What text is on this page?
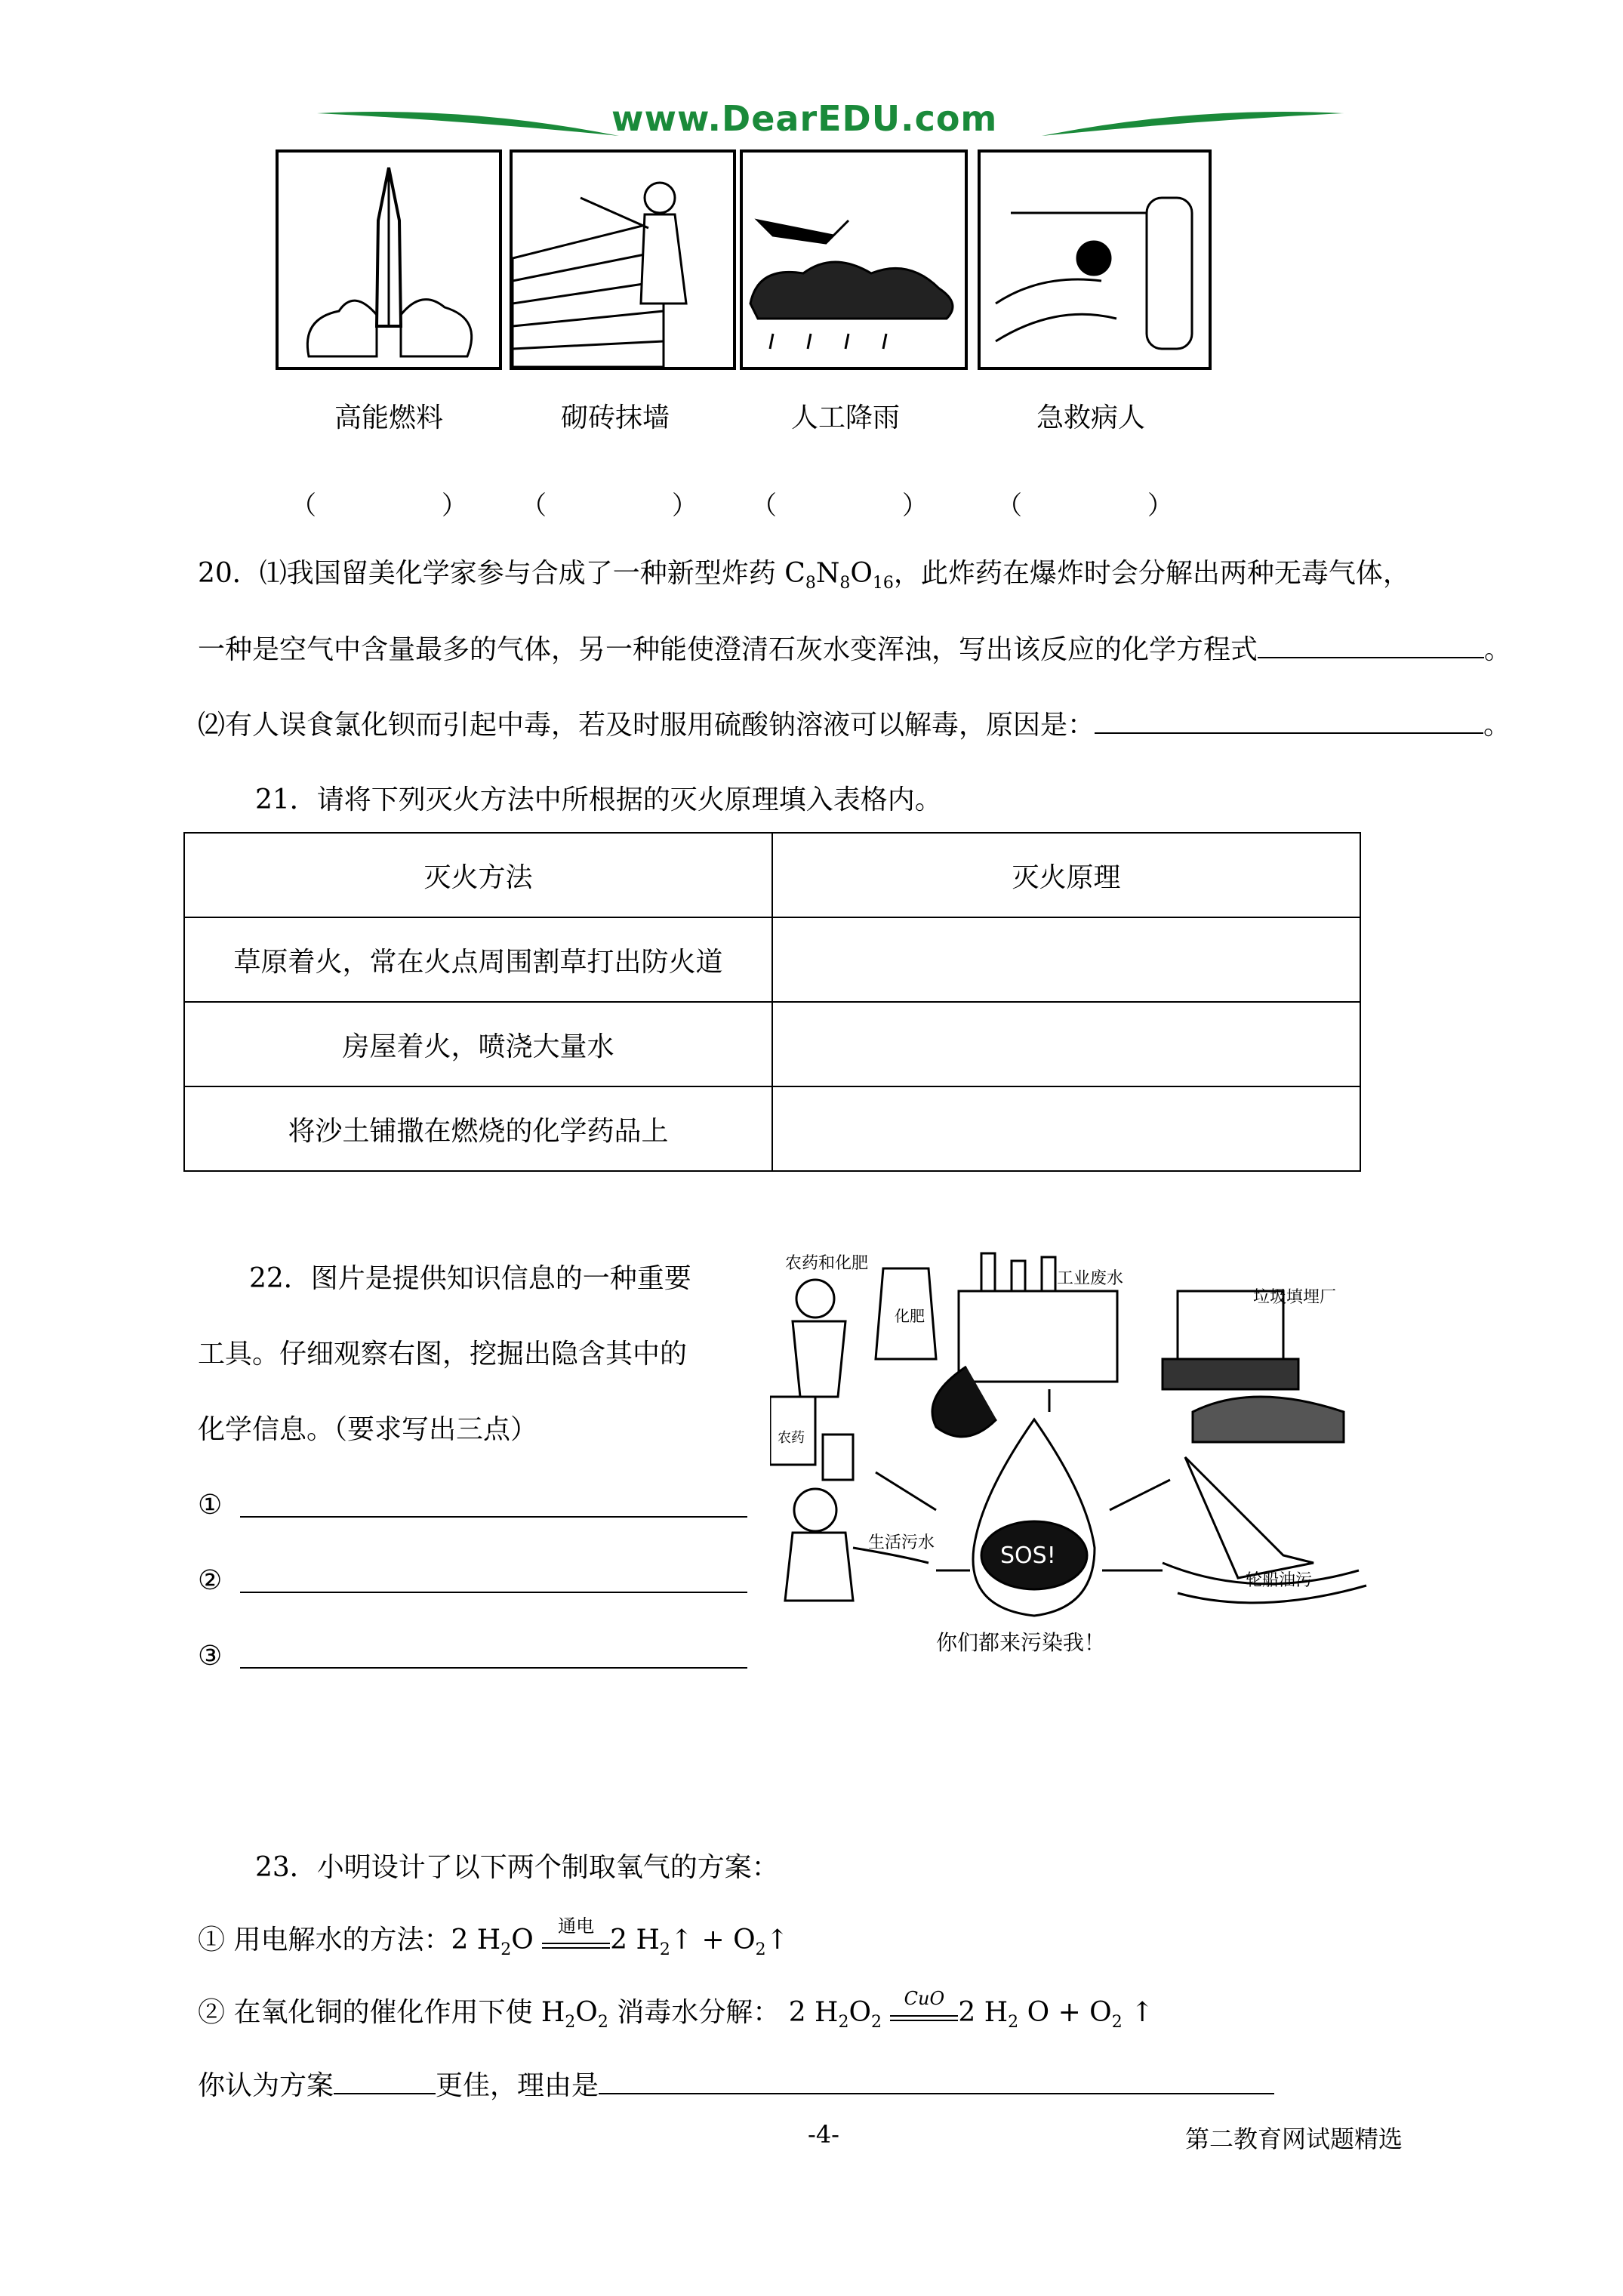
www.DearEDU.com
高能燃料	砌砖抹墙	人工降雨	急救病人
（	） （	） （	）	（	）
20．⑴我国留美化学家参与合成了一种新型炸药 $C_8N_8O_{16}$，此炸药在爆炸时会分解出两种无毒气体，
一种是空气中含量最多的气体，另一种能使澄清石灰水变浑浊，写出该反应的化学方程式	。
⑵有人误食氯化钡而引起中毒，若及时服用硫酸钠溶液可以解毒，原因是：	。
21．请将下列灭火方法中所根据的灭火原理填入表格内。
灭火方法	灭火原理
草原着火，常在火点周围割草打出防火道	
房屋着火，喷浇大量水	
将沙土铺撒在燃烧的化学药品上	
22．图片是提供知识信息的一种重要
工具。仔细观察右图，挖掘出隐含其中的
化学信息。（要求写出三点）
①
②
③
农药和化肥
工业废水
垃圾填埋厂
生活污水
轮船油污
农药
化肥
SOS!
你们都来污染我！
23．小明设计了以下两个制取氧气的方案：
① 用电解水的方法：2 $H_2O$ 通电 2 $H_2↑$ + $O_2↑$
② 在氧化铜的催化作用下使 $H_2O_2$ 消毒水分解： 2 $H_2O_2$
CuO 2 $H_2$ $O + O_2$ ↑
你认为方案	更佳，理由是
-4-	第二教育网试题精选
